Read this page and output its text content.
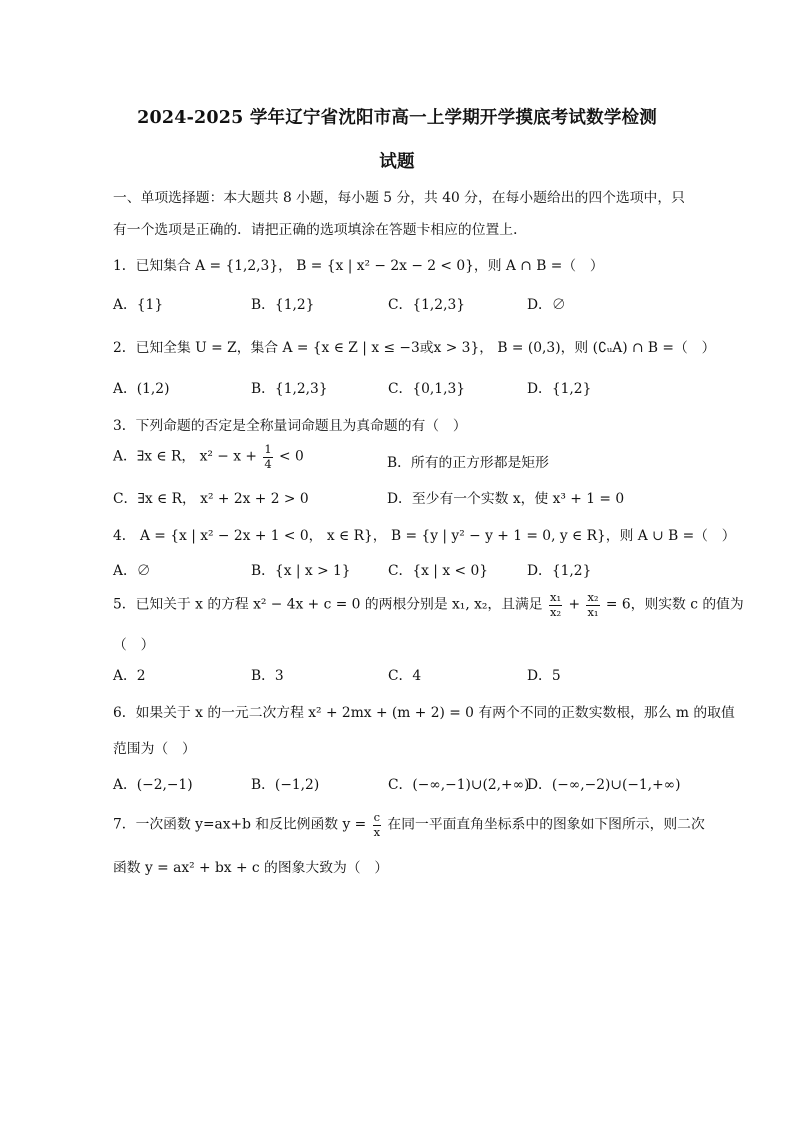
2024-2025 学年辽宁省沈阳市高一上学期开学摸底考试数学检测
试题
一、单项选择题：本大题共 8 小题，每小题 5 分，共 40 分，在每小题给出的四个选项中，只
有一个选项是正确的．请把正确的选项填涂在答题卡相应的位置上．
1．已知集合 A = {1,2,3}， B = {x | x² − 2x − 2 < 0}，则 A ∩ B =（　）
A．{1}	B．{1,2}	C．{1,2,3}	D．∅
2．已知全集 U = Z，集合 A = {x ∈ Z | x ≤ −3或x > 3}， B = (0,3)，则 (∁ᵤA) ∩ B =（　）
A．(1,2)	B．{1,2,3}	C．{0,1,3}	D．{1,2}
3．下列命题的否定是全称量词命题且为真命题的有（　）
A．∃x ∈ R， $x^2 - x + \frac{1}{4} < 0$	B．所有的正方形都是矩形
C．∃x ∈ R， x² + 2x + 2 > 0	D．至少有一个实数 x，使 x³ + 1 = 0
4． A = {x | x² − 2x + 1 < 0， x ∈ R}， B = {y | y² − y + 1 = 0, y ∈ R}，则 A ∪ B =（　）
A．∅	B．{x | x > 1}	C．{x | x < 0}	D．{1,2}
5．已知关于 x 的方程 x² − 4x + c = 0 的两根分别是 x₁, x₂，且满足 $\frac{\text{x₁}}{\text{x₂}} + \frac{\text{x₂}}{\text{x₁}} = 6$，则实数 c 的值为
（　）
A．2	B．3	C．4	D．5
6．如果关于 x 的一元二次方程 x² + 2mx + (m + 2) = 0 有两个不同的正数实数根，那么 m 的取值
范围为（　）
A．(−2,−1)	B．(−1,2)	C．(−∞,−1)∪(2,+∞)
D．(−∞,−2)∪(−1,+∞)
7．一次函数 y=ax+b 和反比例函数 $y = \frac{c}{x}$ 在同一平面直角坐标系中的图象如下图所示，则二次
函数 y = ax² + bx + c 的图象大致为（　）
